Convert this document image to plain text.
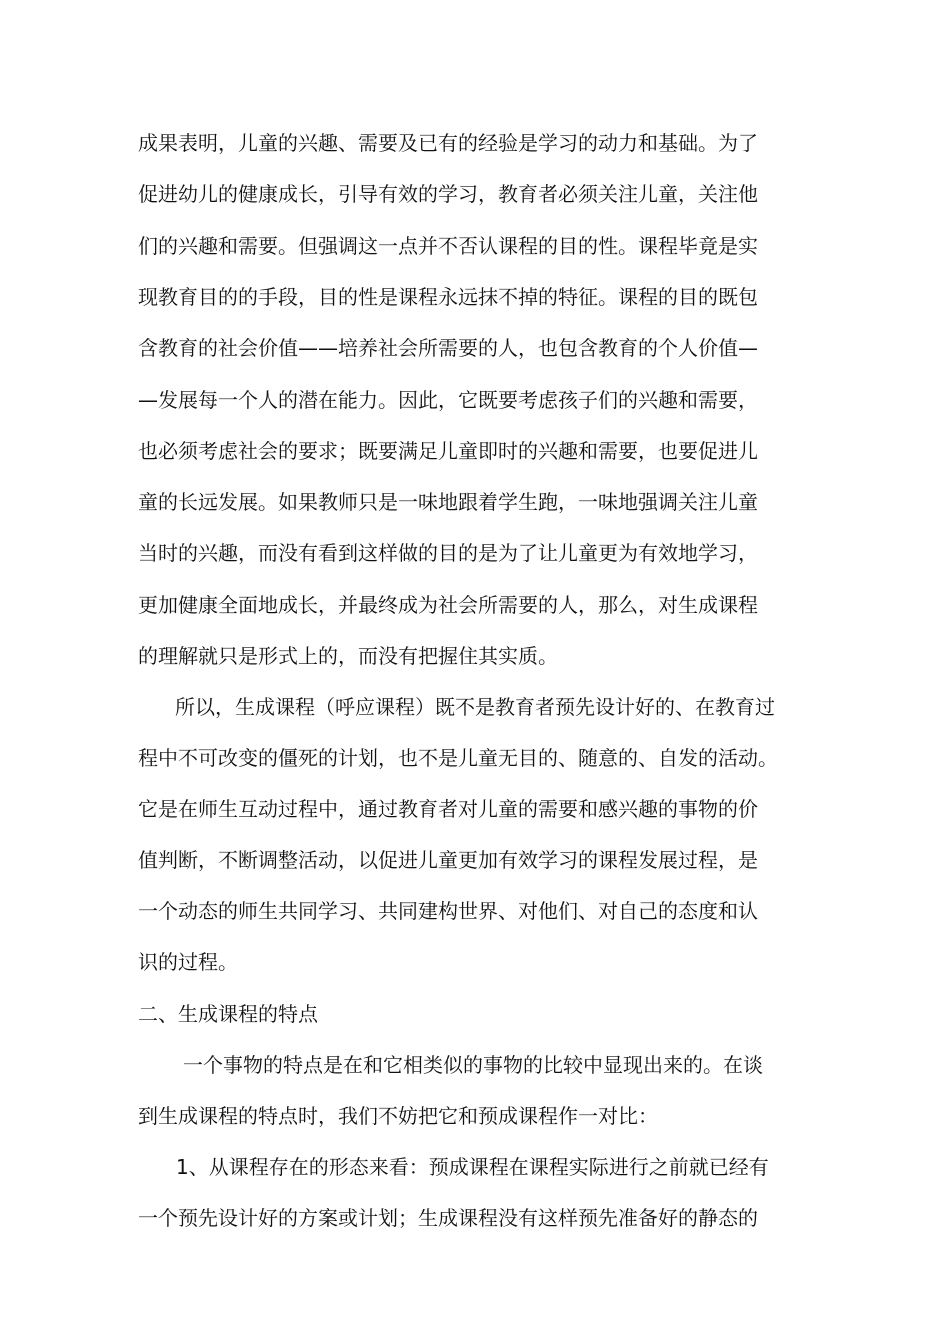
成果表明，儿童的兴趣、需要及已有的经验是学习的动力和基础。为了

促进幼儿的健康成长，引导有效的学习，教育者必须关注儿童，关注他

们的兴趣和需要。但强调这一点并不否认课程的目的性。课程毕竟是实

现教育目的的手段，目的性是课程永远抹不掉的特征。课程的目的既包

含教育的社会价值——培养社会所需要的人，也包含教育的个人价值—

—发展每一个人的潜在能力。因此，它既要考虑孩子们的兴趣和需要，

也必须考虑社会的要求；既要满足儿童即时的兴趣和需要，也要促进儿

童的长远发展。如果教师只是一味地跟着学生跑，一味地强调关注儿童

当时的兴趣，而没有看到这样做的目的是为了让儿童更为有效地学习，

更加健康全面地成长，并最终成为社会所需要的人，那么，对生成课程

的理解就只是形式上的，而没有把握住其实质。

所以，生成课程（呼应课程）既不是教育者预先设计好的、在教育过

程中不可改变的僵死的计划，也不是儿童无目的、随意的、自发的活动。

它是在师生互动过程中，通过教育者对儿童的需要和感兴趣的事物的价

值判断，不断调整活动，以促进儿童更加有效学习的课程发展过程，是

一个动态的师生共同学习、共同建构世界、对他们、对自己的态度和认

识的过程。

二、生成课程的特点

一个事物的特点是在和它相类似的事物的比较中显现出来的。在谈

到生成课程的特点时，我们不妨把它和预成课程作一对比：

1、从课程存在的形态来看：预成课程在课程实际进行之前就已经有

一个预先设计好的方案或计划；生成课程没有这样预先准备好的静态的
